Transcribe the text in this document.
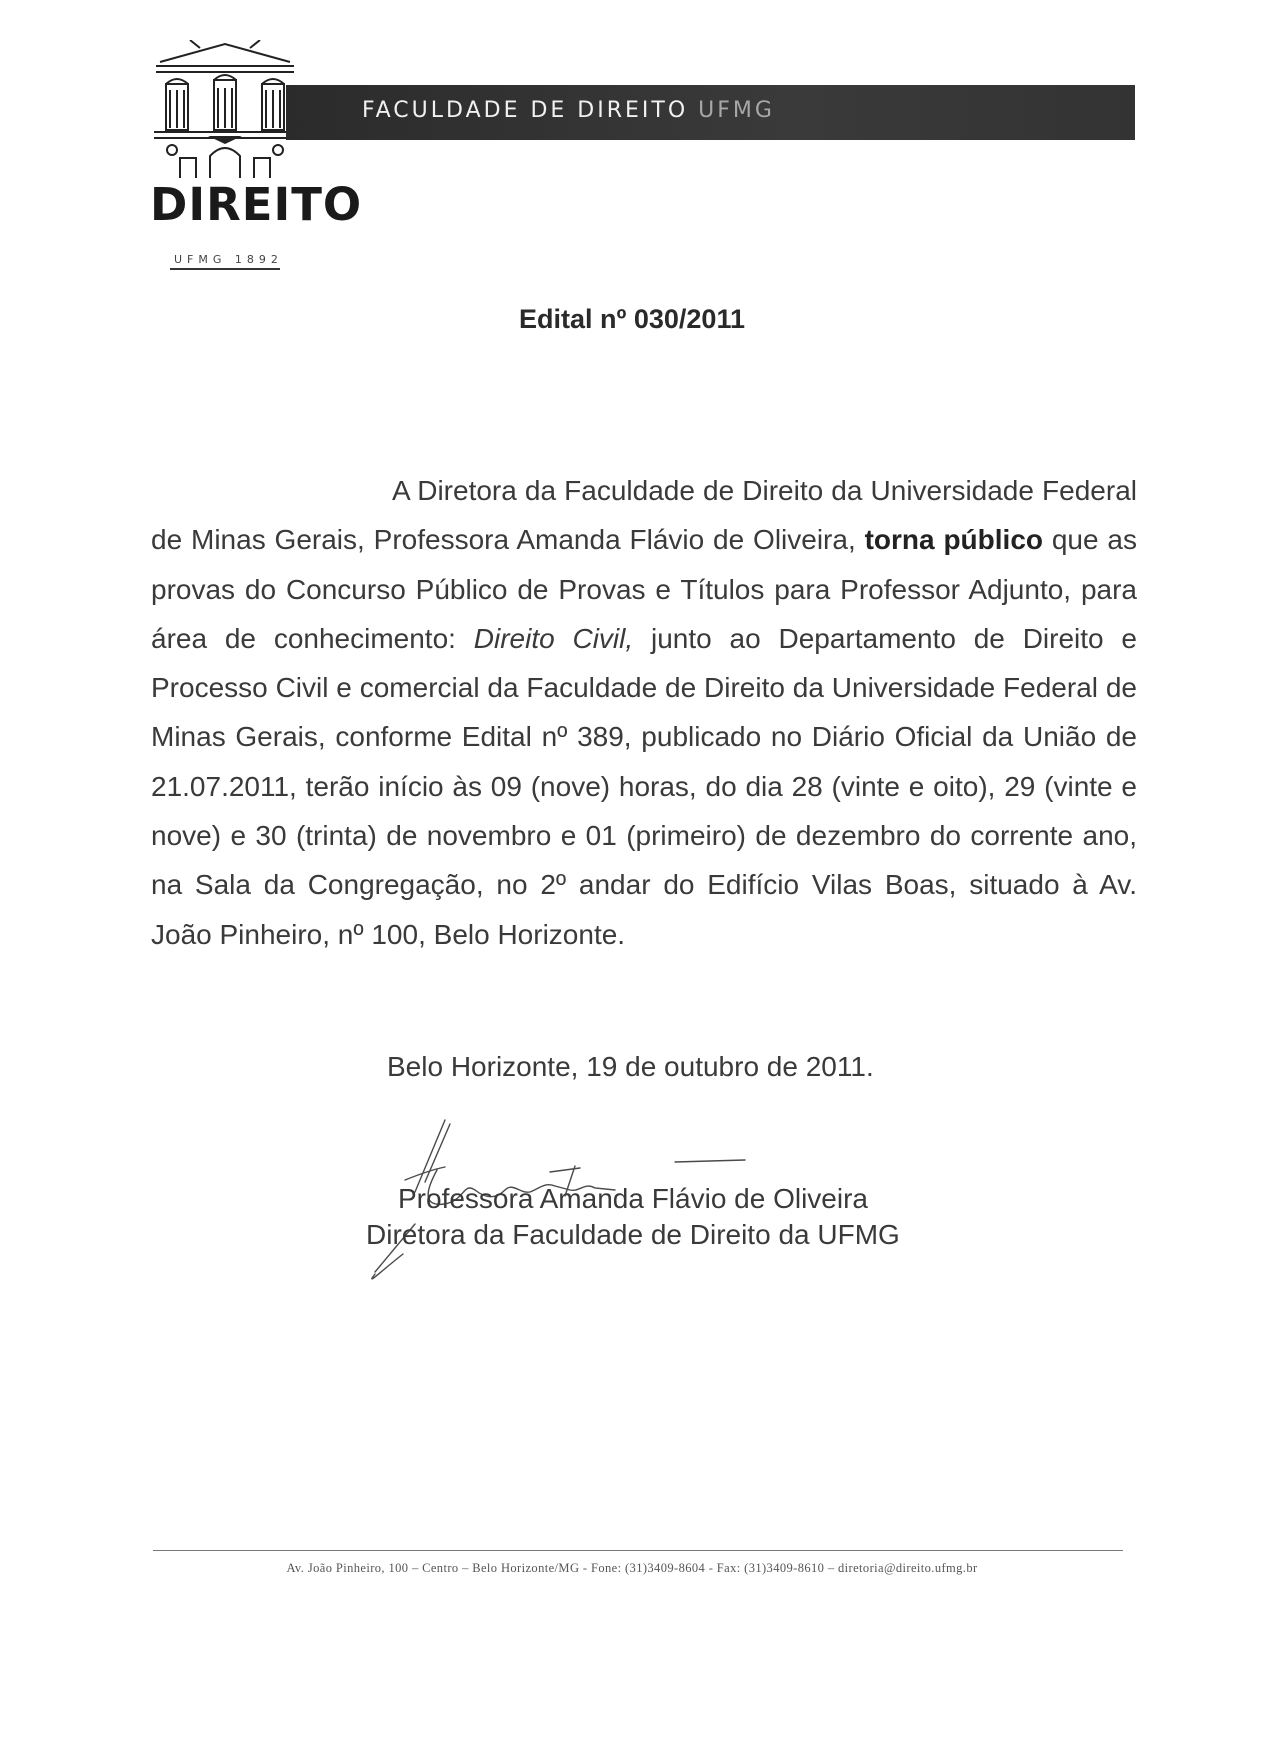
DIREITO
UFMG 1892
FACULDADE DE DIREITO UFMG
Edital nº 030/2011
A Diretora da Faculdade de Direito da Universidade Federal de Minas Gerais, Professora Amanda Flávio de Oliveira, torna público que as provas do Concurso Público de Provas e Títulos para Professor Adjunto, para área de conhecimento: Direito Civil, junto ao Departamento de Direito e Processo Civil e comercial da Faculdade de Direito da Universidade Federal de Minas Gerais, conforme Edital nº 389, publicado no Diário Oficial da União de 21.07.2011, terão início às 09 (nove) horas, do dia 28 (vinte e oito), 29 (vinte e nove) e 30 (trinta) de novembro e 01 (primeiro) de dezembro do corrente ano, na Sala da Congregação, no 2º andar do Edifício Vilas Boas, situado à Av. João Pinheiro, nº 100, Belo Horizonte.
Belo Horizonte, 19 de outubro de 2011.
Professora Amanda Flávio de Oliveira
Diretora da Faculdade de Direito da UFMG
Av. João Pinheiro, 100 – Centro – Belo Horizonte/MG - Fone: (31)3409-8604 - Fax: (31)3409-8610 – diretoria@direito.ufmg.br
